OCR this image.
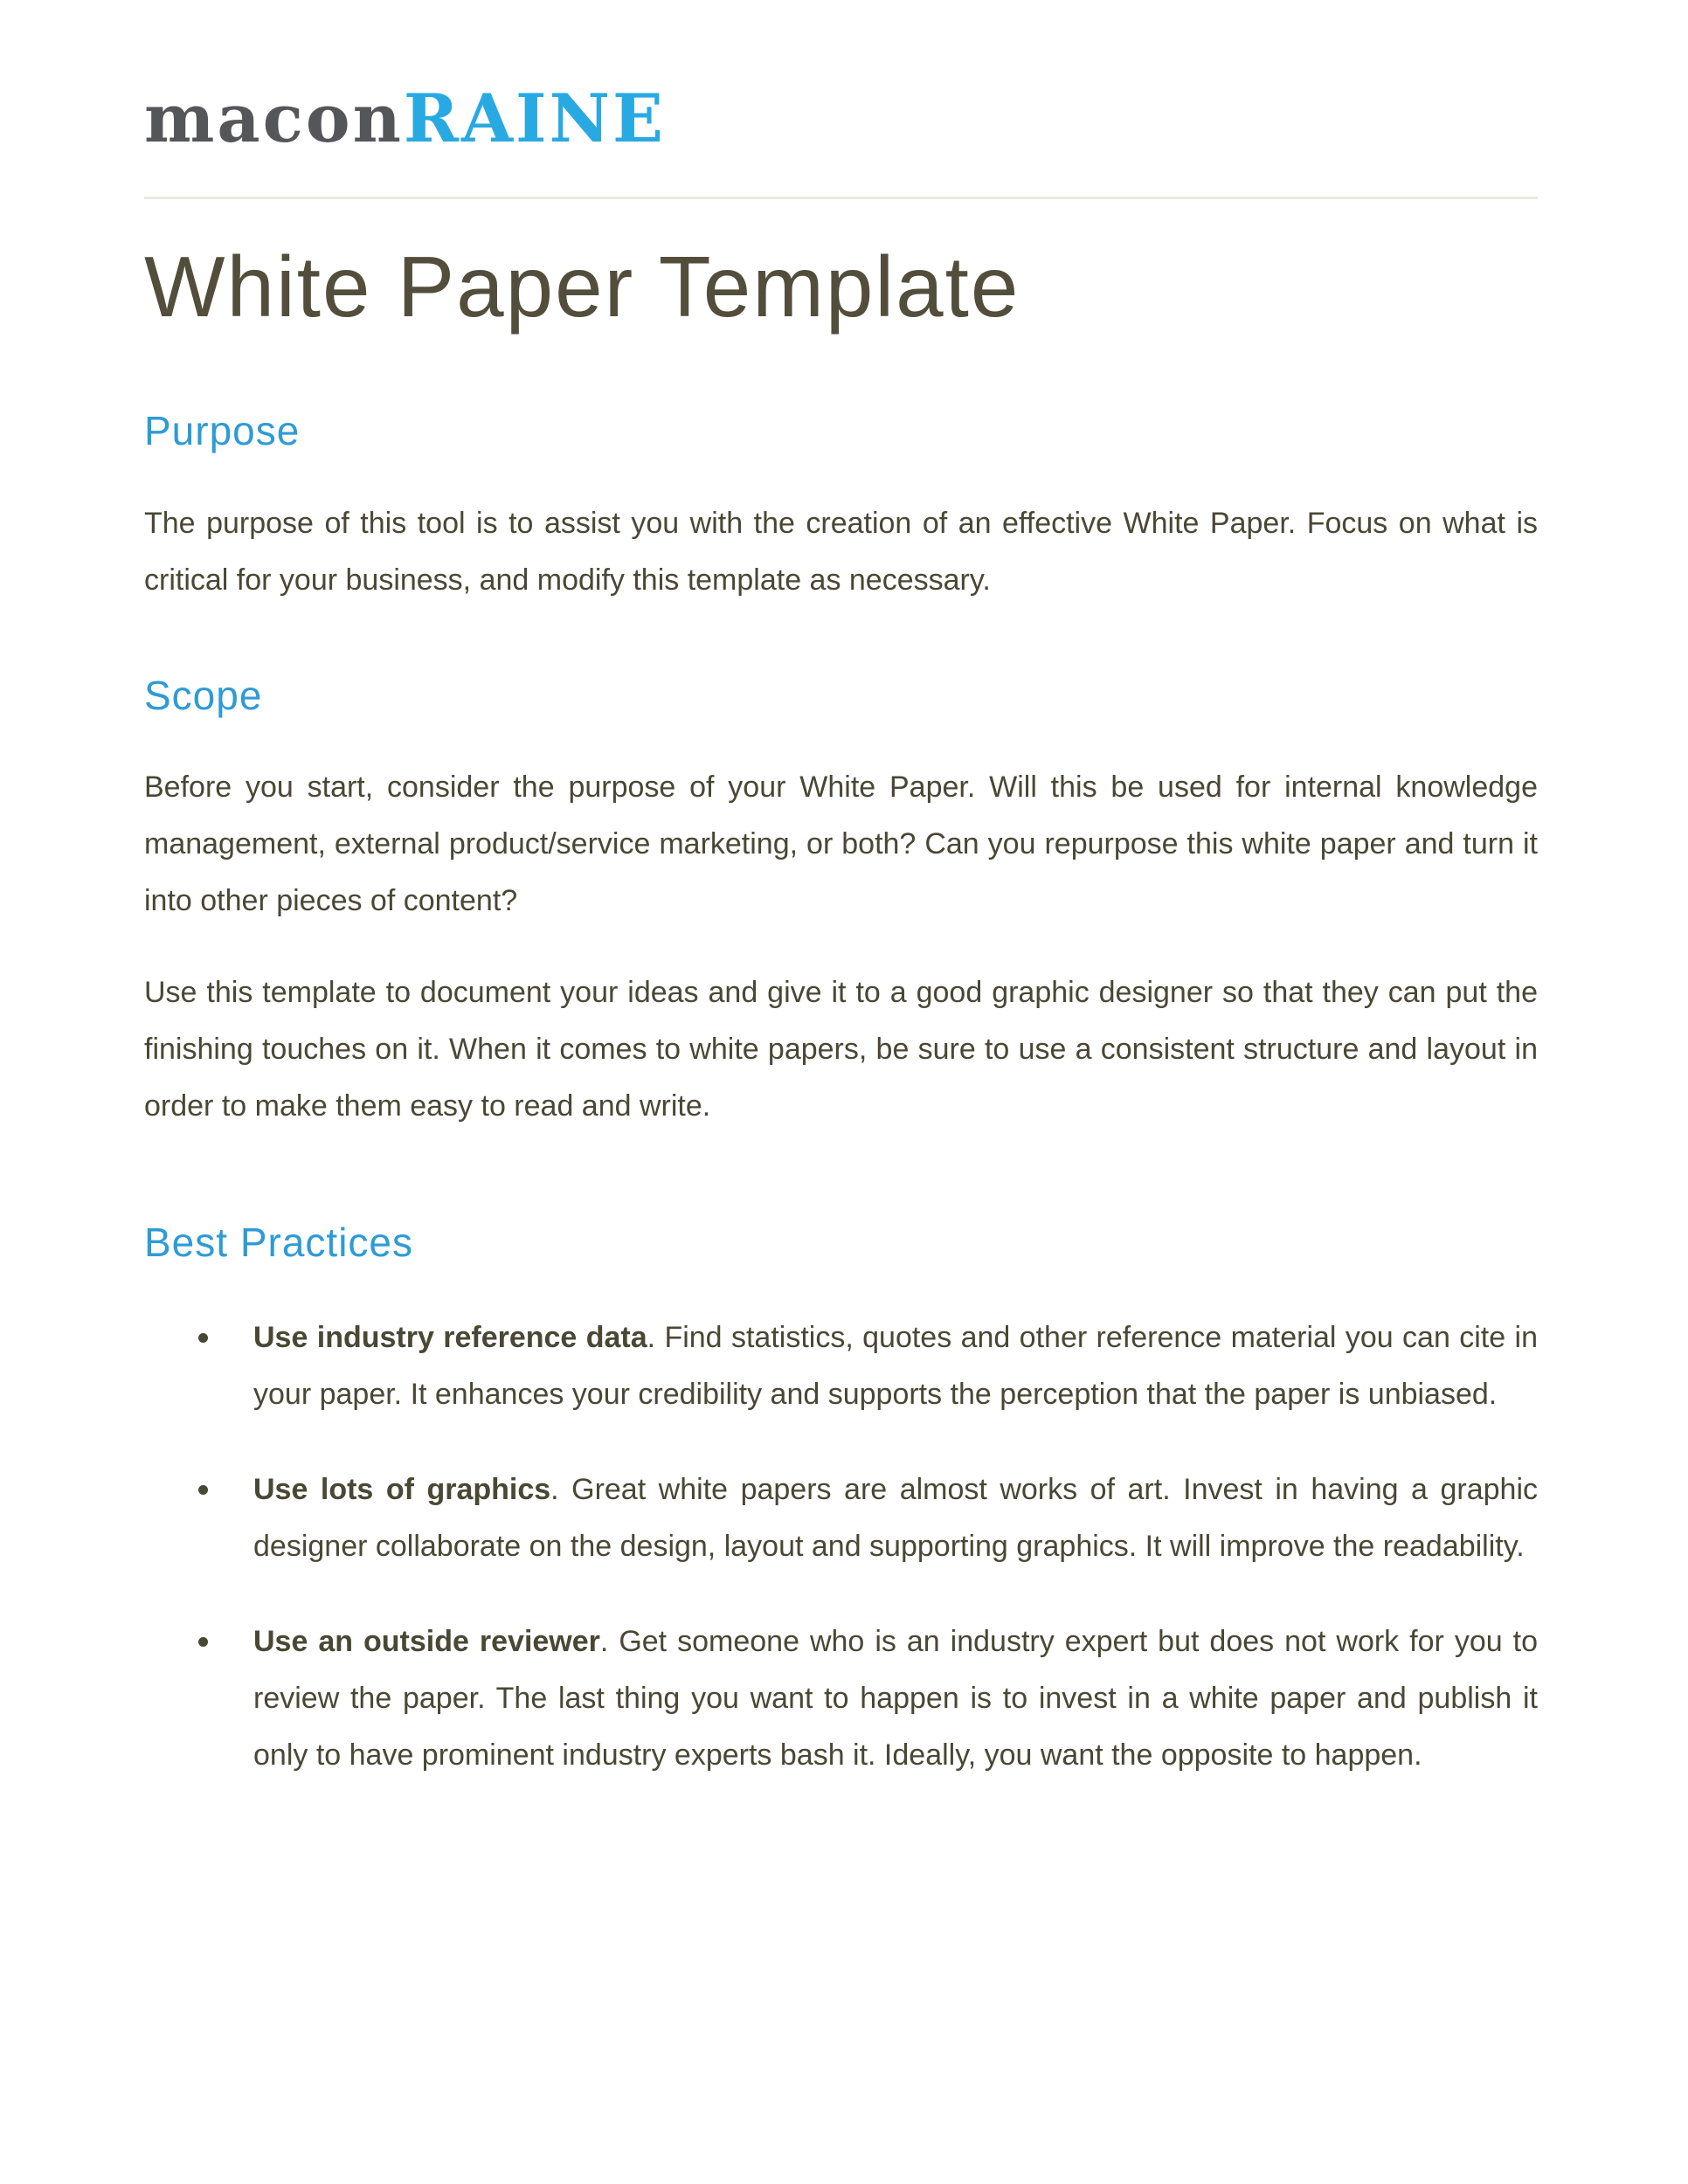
maconRAINE
White Paper Template
Purpose

The purpose of this tool is to assist you with the creation of an effective White Paper. Focus on what is critical for your business, and modify this template as necessary.

Scope

Before you start, consider the purpose of your White Paper. Will this be used for internal knowledge management, external product/service marketing, or both? Can you repurpose this white paper and turn it into other pieces of content?

Use this template to document your ideas and give it to a good graphic designer so that they can put the finishing touches on it. When it comes to white papers, be sure to use a consistent structure and layout in order to make them easy to read and write.

Best Practices
Use industry reference data. Find statistics, quotes and other reference material you can cite in your paper. It enhances your credibility and supports the perception that the paper is unbiased.
Use lots of graphics. Great white papers are almost works of art. Invest in having a graphic designer collaborate on the design, layout and supporting graphics. It will improve the readability.
Use an outside reviewer. Get someone who is an industry expert but does not work for you to review the paper. The last thing you want to happen is to invest in a white paper and publish it only to have prominent industry experts bash it. Ideally, you want the opposite to happen.
